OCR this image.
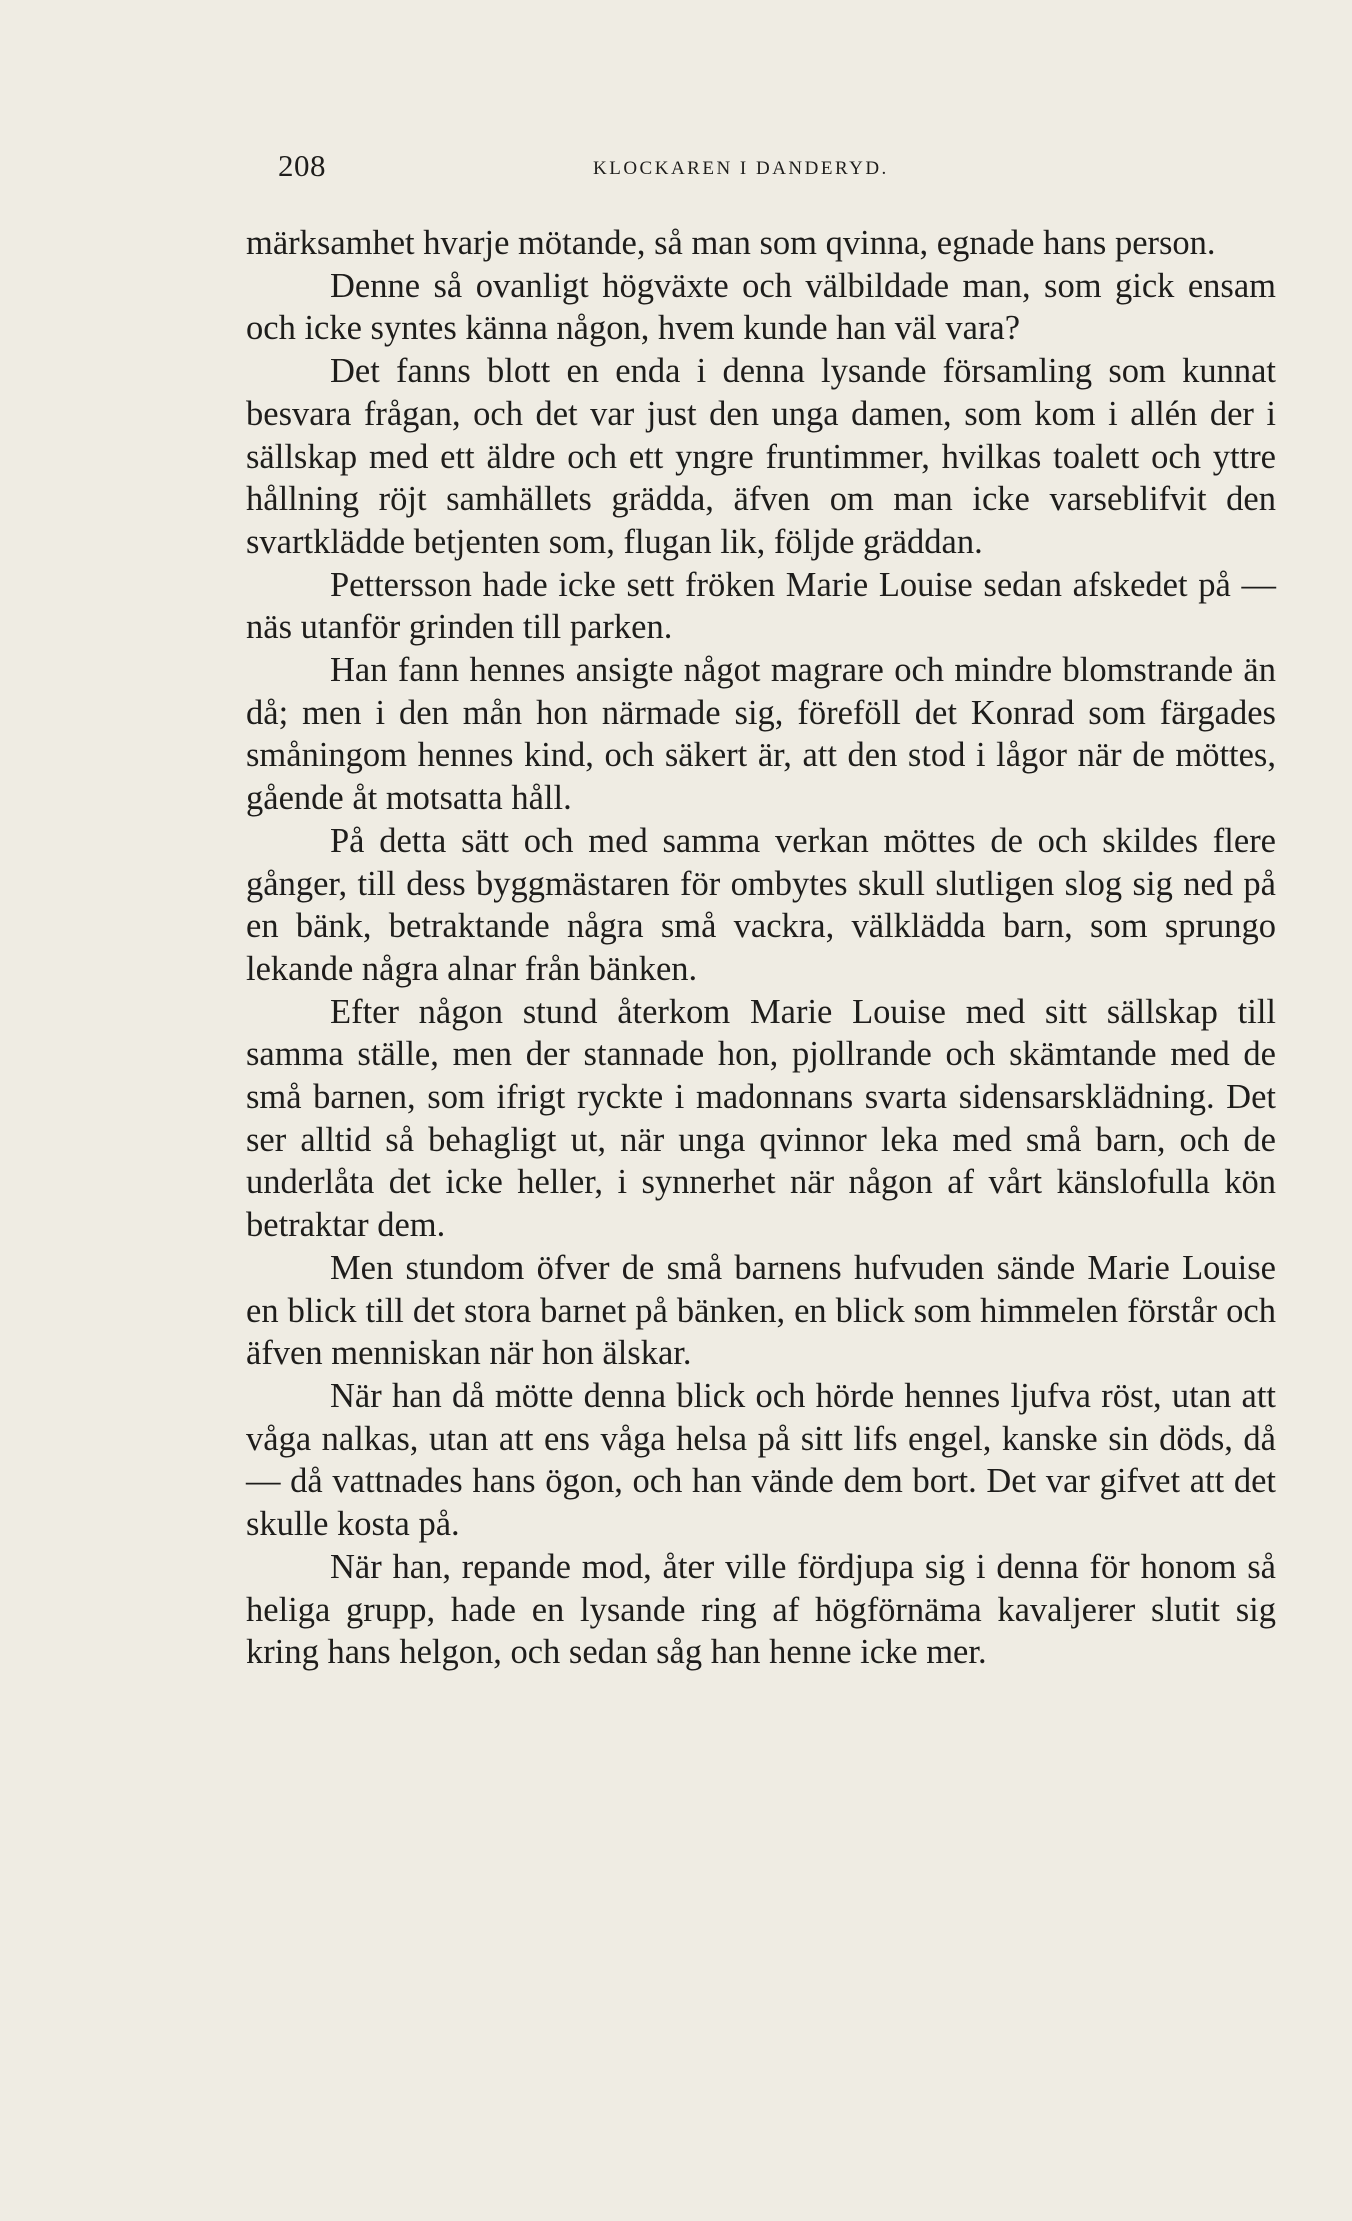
208	KLOCKAREN I DANDERYD.

märksamhet hvarje mötande, så man som qvinna, egnade hans person.

Denne så ovanligt högväxte och välbildade man, som gick ensam och icke syntes känna någon, hvem kunde han väl vara?

Det fanns blott en enda i denna lysande församling som kunnat besvara frågan, och det var just den unga damen, som kom i allén der i sällskap med ett äldre och ett yngre fruntimmer, hvilkas toalett och yttre hållning röjt samhällets grädda, äfven om man icke varseblifvit den svartklädde betjenten som, flugan lik, följde gräddan.

Pettersson hade icke sett fröken Marie Louise sedan afskedet på —näs utanför grinden till parken.

Han fann hennes ansigte något magrare och mindre blomstrande än då; men i den mån hon närmade sig, föreföll det Konrad som färgades småningom hennes kind, och säkert är, att den stod i lågor när de möttes, gående åt motsatta håll.

På detta sätt och med samma verkan möttes de och skildes flere gånger, till dess byggmästaren för ombytes skull slutligen slog sig ned på en bänk, betraktande några små vackra, välklädda barn, som sprungo lekande några alnar från bänken.

Efter någon stund återkom Marie Louise med sitt sällskap till samma ställe, men der stannade hon, pjollrande och skämtande med de små barnen, som ifrigt ryckte i madonnans svarta sidensarsklädning. Det ser alltid så behagligt ut, när unga qvinnor leka med små barn, och de underlåta det icke heller, i synnerhet när någon af vårt känslofulla kön betraktar dem.

Men stundom öfver de små barnens hufvuden sände Marie Louise en blick till det stora barnet på bänken, en blick som himmelen förstår och äfven menniskan när hon älskar.

När han då mötte denna blick och hörde hennes ljufva röst, utan att våga nalkas, utan att ens våga helsa på sitt lifs engel, kanske sin döds, då — då vattnades hans ögon, och han vände dem bort. Det var gifvet att det skulle kosta på.

När han, repande mod, åter ville fördjupa sig i denna för honom så heliga grupp, hade en lysande ring af högförnäma kavaljerer slutit sig kring hans helgon, och sedan såg han henne icke mer.
